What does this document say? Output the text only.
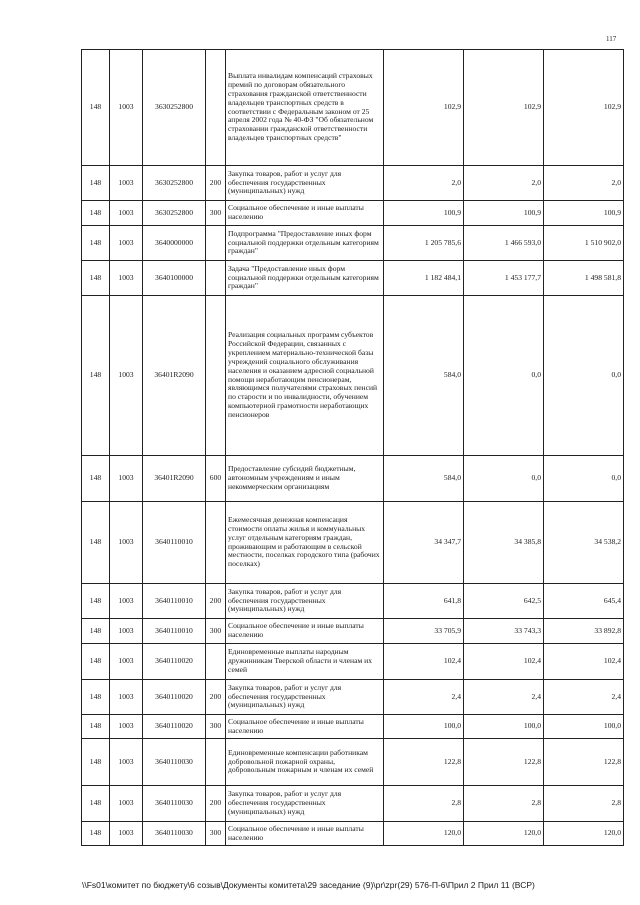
117
148	1003	3630252800		Выплата инвалидам компенсаций страховых премий по договорам обязательного страхования гражданской ответственности владельцев транспортных средств в соответствии с Федеральным законом от 25 апреля 2002 года № 40-ФЗ "Об обязательном страховании гражданской ответственности владельцев транспортных средств"	102,9	102,9	102,9
148	1003	3630252800	200	Закупка товаров, работ и услуг для обеспечения государственных (муниципальных) нужд	2,0	2,0	2,0
148	1003	3630252800	300	Социальное обеспечение и иные выплаты населению	100,9	100,9	100,9
148	1003	3640000000		Подпрограмма "Предоставление иных форм социальной поддержки отдельным категориям граждан"	1 205 785,6	1 466 593,0	1 510 902,0
148	1003	3640100000		Задача "Предоставление иных форм социальной поддержки отдельным категориям граждан"	1 182 484,1	1 453 177,7	1 498 581,8
148	1003	36401R2090		Реализация социальных программ субъектов Российской Федерации, связанных с укреплением материально-технической базы учреждений социального обслуживания населения и оказанием адресной социальной помощи неработающим пенсионерам, являющимся получателями страховых пенсий по старости и по инвалидности, обучением компьютерной грамотности неработающих пенсионеров	584,0	0,0	0,0
148	1003	36401R2090	600	Предоставление субсидий бюджетным, автономным учреждениям и иным некоммерческим организациям	584,0	0,0	0,0
148	1003	3640110010		Ежемесячная денежная компенсация стоимости оплаты жилья и коммунальных услуг отдельным категориям граждан, проживающим и работающим в сельской местности, поселках городского типа (рабочих поселках)	34 347,7	34 385,8	34 538,2
148	1003	3640110010	200	Закупка товаров, работ и услуг для обеспечения государственных (муниципальных) нужд	641,8	642,5	645,4
148	1003	3640110010	300	Социальное обеспечение и иные выплаты населению	33 705,9	33 743,3	33 892,8
148	1003	3640110020		Единовременные выплаты народным дружинникам Тверской области и членам их семей	102,4	102,4	102,4
148	1003	3640110020	200	Закупка товаров, работ и услуг для обеспечения государственных (муниципальных) нужд	2,4	2,4	2,4
148	1003	3640110020	300	Социальное обеспечение и иные выплаты населению	100,0	100,0	100,0
148	1003	3640110030		Единовременные компенсации работникам добровольной пожарной охраны, добровольным пожарным и членам их семей	122,8	122,8	122,8
148	1003	3640110030	200	Закупка товаров, работ и услуг для обеспечения государственных (муниципальных) нужд	2,8	2,8	2,8
148	1003	3640110030	300	Социальное обеспечение и иные выплаты населению	120,0	120,0	120,0
\\Fs01\комитет по бюджету\6 созыв\Документы комитета\29 заседание (9)\pr\zpr(29) 576-П-6\Прил 2 Прил 11 (ВСР)
